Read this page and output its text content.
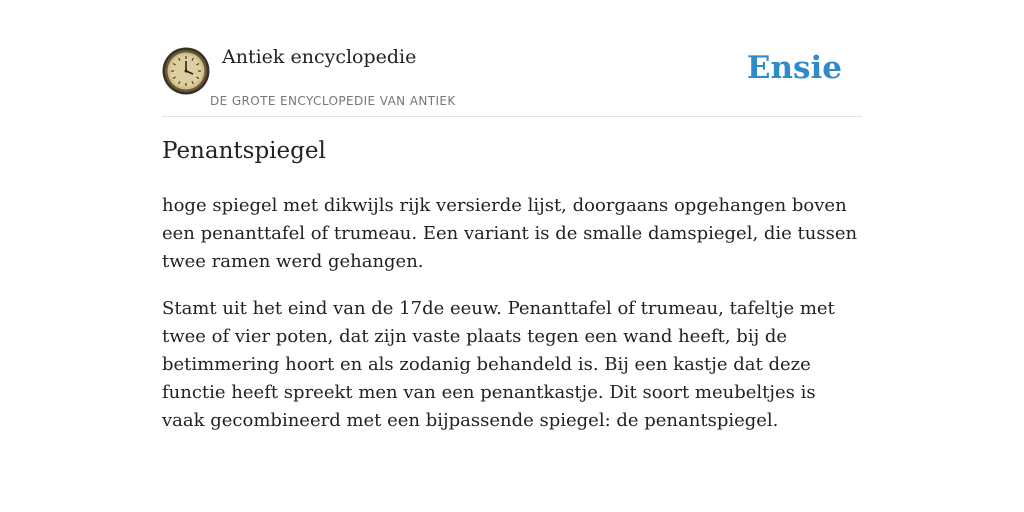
Antiek encyclopedie
DE GROTE ENCYCLOPEDIE VAN ANTIEK
Ensie
Penantspiegel

hoge spiegel met dikwijls rijk versierde lijst, doorgaans opgehangen boven een penanttafel of trumeau. Een variant is de smalle damspiegel, die tussen twee ramen werd gehangen.

Stamt uit het eind van de 17de eeuw. Penanttafel of trumeau, tafeltje met twee of vier poten, dat zijn vaste plaats tegen een wand heeft, bij de betimmering hoort en als zodanig behandeld is. Bij een kastje dat deze functie heeft spreekt men van een penantkastje. Dit soort meubeltjes is vaak gecombineerd met een bijpassende spiegel: de penantspiegel.
